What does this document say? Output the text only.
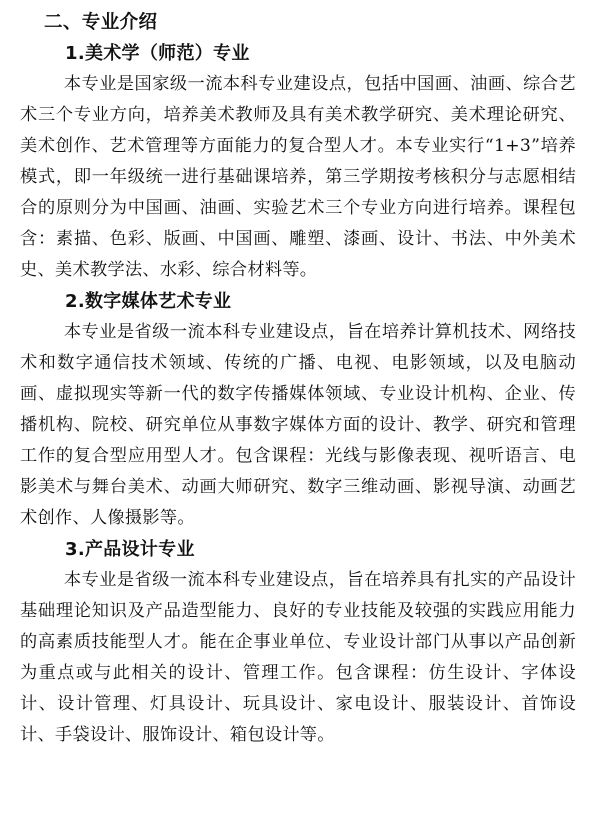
二、专业介绍
1.美术学（师范）专业

本专业是国家级一流本科专业建设点，包括中国画、油画、综合艺术三个专业方向，培养美术教师及具有美术教学研究、美术理论研究、美术创作、艺术管理等方面能力的复合型人才。本专业实行“1+3”培养模式，即一年级统一进行基础课培养，第三学期按考核积分与志愿相结合的原则分为中国画、油画、实验艺术三个专业方向进行培养。课程包含：素描、色彩、版画、中国画、雕塑、漆画、设计、书法、中外美术史、美术教学法、水彩、综合材料等。

2.数字媒体艺术专业

本专业是省级一流本科专业建设点，旨在培养计算机技术、网络技术和数字通信技术领域、传统的广播、电视、电影领域，以及电脑动画、虚拟现实等新一代的数字传播媒体领域、专业设计机构、企业、传播机构、院校、研究单位从事数字媒体方面的设计、教学、研究和管理工作的复合型应用型人才。包含课程：光线与影像表现、视听语言、电影美术与舞台美术、动画大师研究、数字三维动画、影视导演、动画艺术创作、人像摄影等。

3.产品设计专业

本专业是省级一流本科专业建设点，旨在培养具有扎实的产品设计基础理论知识及产品造型能力、良好的专业技能及较强的实践应用能力的高素质技能型人才。能在企事业单位、专业设计部门从事以产品创新为重点或与此相关的设计、管理工作。包含课程：仿生设计、字体设计、设计管理、灯具设计、玩具设计、家电设计、服装设计、首饰设计、手袋设计、服饰设计、箱包设计等。
